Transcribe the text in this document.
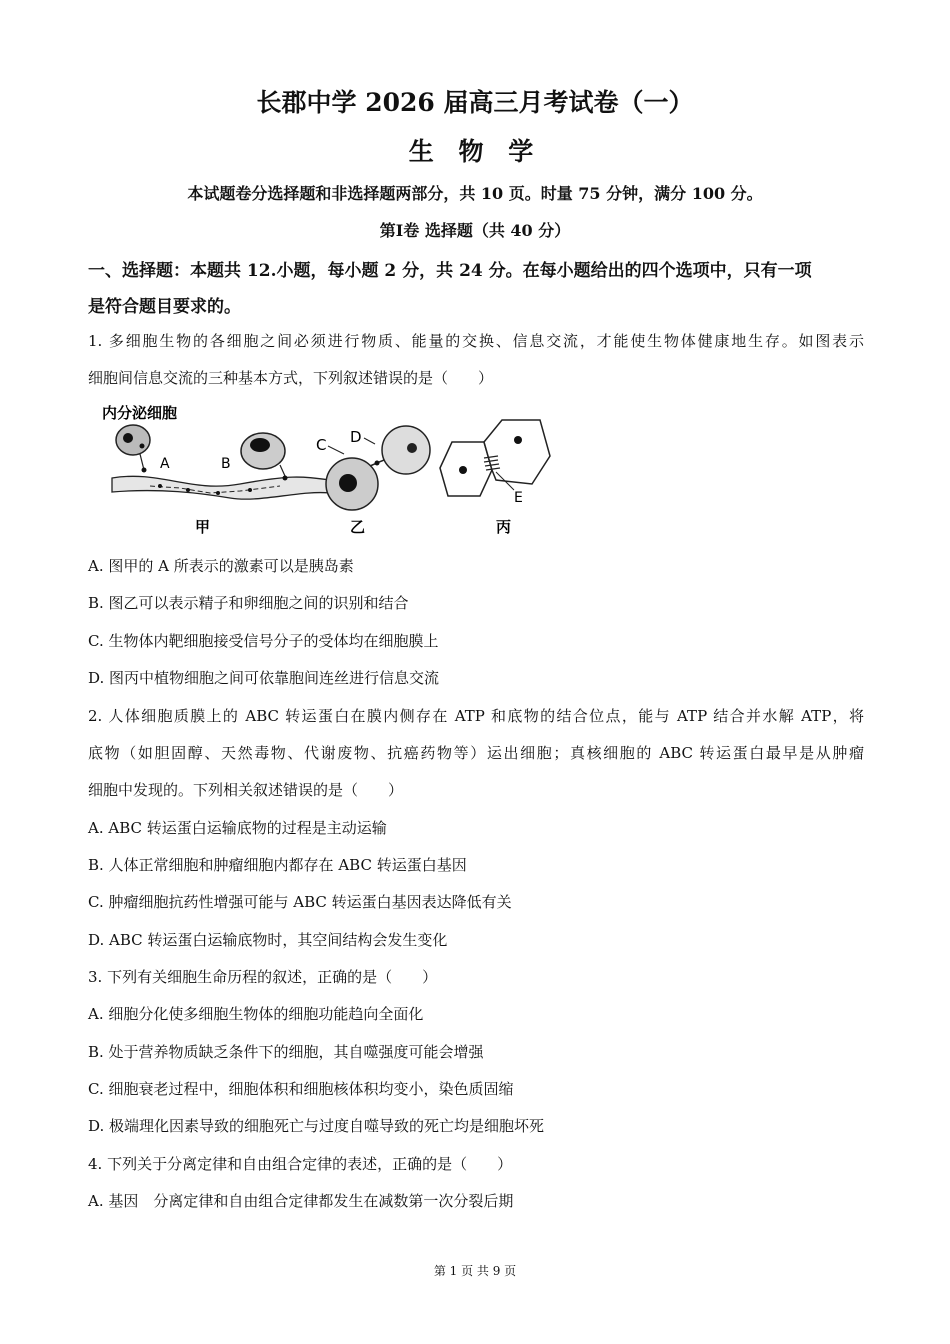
长郡中学 2026 届高三月考试卷（一）
生 物 学
本试题卷分选择题和非选择题两部分，共 10 页。时量 75 分钟，满分 100 分。
第Ⅰ卷 选择题（共 40 分）
一、选择题：本题共 12.小题，每小题 2 分，共 24 分。在每小题给出的四个选项中，只有一项
是符合题目要求的。
1. 多细胞生物的各细胞之间必须进行物质、能量的交换、信息交流，才能使生物体健康地生存。如图表示
细胞间信息交流的三种基本方式，下列叙述错误的是（　　）
内分泌细胞
A	B
甲
C D
乙
E
丙
A. 图甲的 A 所表示的激素可以是胰岛素
B. 图乙可以表示精子和卵细胞之间的识别和结合
C. 生物体内靶细胞接受信号分子的受体均在细胞膜上
D. 图丙中植物细胞之间可依靠胞间连丝进行信息交流
2. 人体细胞质膜上的 ABC 转运蛋白在膜内侧存在 ATP 和底物的结合位点，能与 ATP 结合并水解 ATP，将
底物（如胆固醇、天然毒物、代谢废物、抗癌药物等）运出细胞；真核细胞的 ABC 转运蛋白最早是从肿瘤
细胞中发现的。下列相关叙述错误的是（　　）
A. ABC 转运蛋白运输底物的过程是主动运输
B. 人体正常细胞和肿瘤细胞内都存在 ABC 转运蛋白基因
C. 肿瘤细胞抗药性增强可能与 ABC 转运蛋白基因表达降低有关
D. ABC 转运蛋白运输底物时，其空间结构会发生变化
3. 下列有关细胞生命历程的叙述，正确的是（　　）
A. 细胞分化使多细胞生物体的细胞功能趋向全面化
B. 处于营养物质缺乏条件下的细胞，其自噬强度可能会增强
C. 细胞衰老过程中，细胞体积和细胞核体积均变小，染色质固缩
D. 极端理化因素导致的细胞死亡与过度自噬导致的死亡均是细胞坏死
4. 下列关于分离定律和自由组合定律的表述，正确的是（　　）
A. 基因　分离定律和自由组合定律都发生在减数第一次分裂后期
第 1 页 共 9 页
